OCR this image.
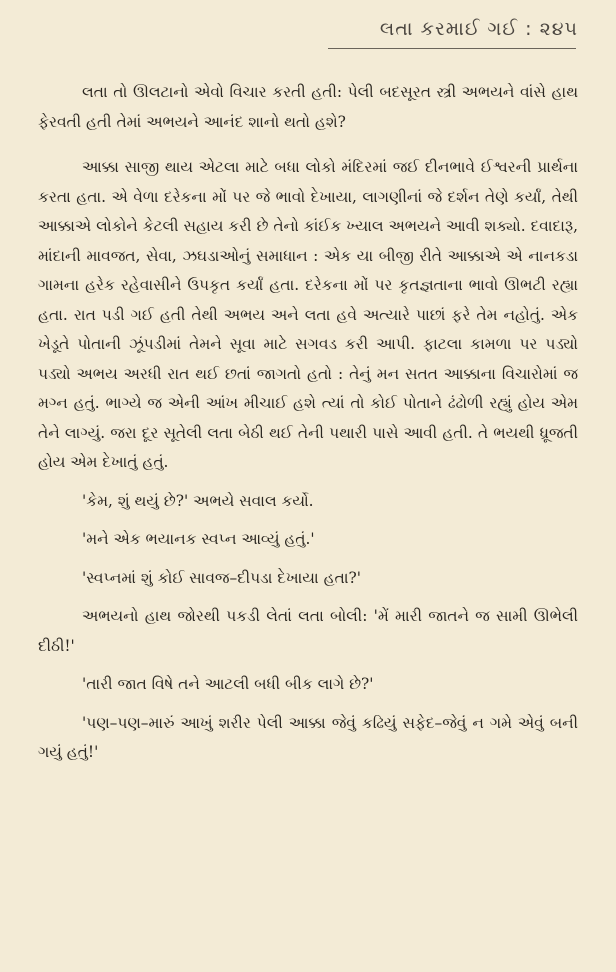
લતા કરમાઈ ગઈ : ૨૪૫

લતા તો ઊલટાનો એવો વિચાર કરતી હતી: પેલી બદસૂરત સ્ત્રી અભયને વાંસે હાથ ફેરવતી હતી તેમાં અભયને આનંદ શાનો થતો હશે?

આક્કા સાજી થાય એટલા માટે બધા લોકો મંદિરમાં જઈ દીનભાવે ઈશ્વરની પ્રાર્થના કરતા હતા. એ વેળા દરેકના મોં પર જે ભાવો દેખાયા, લાગણીનાં જે દર્શન તેણે કર્યાં, તેથી આક્કાએ લોકોને કેટલી સહાય કરી છે તેનો કાંઈક ખ્યાલ અભયને આવી શક્યો. દવાદારૂ, માંદાની માવજત, સેવા, ઝઘડાઓનું સમાધાન : એક યા બીજી રીતે આક્કાએ એ નાનકડા ગામના હરેક રહેવાસીને ઉપકૃત કર્યાં હતા. દરેકના મોં પર કૃતજ્ઞતાના ભાવો ઊભટી રહ્યા હતા. રાત પડી ગઈ હતી તેથી અભય અને લતા હવે અત્યારે પાછાં ફરે તેમ નહોતું. એક ખેડૂતે પોતાની ઝૂંપડીમાં તેમને સૂવા માટે સગવડ કરી આપી. ફાટલા કામળા પર પડ્યો પડ્યો અભય અરધી રાત થઈ છતાં જાગતો હતો : તેનું મન સતત આક્કાના વિચારોમાં જ મગ્ન હતું. ભાગ્યે જ એની આંખ મીચાઈ હશે ત્યાં તો કોઈ પોતાને ઢંઢોળી રહ્યું હોય એમ તેને લાગ્યું. જરા દૂર સૂતેલી લતા બેઠી થઈ તેની પથારી પાસે આવી હતી. તે ભયથી ધ્રૂજતી હોય એમ દેખાતું હતું.

'કેમ, શું થયું છે?' અભયે સવાલ કર્યો.

'મને એક ભયાનક સ્વપ્ન આવ્યું હતું.'

'સ્વપ્નમાં શું કોઈ સાવજ–દીપડા દેખાયા હતા?'

અભયનો હાથ જોરથી પકડી લેતાં લતા બોલી: 'મેં મારી જાતને જ સામી ઊભેલી દીઠી!'

'તારી જાત વિષે તને આટલી બધી બીક લાગે છે?'

'પણ–પણ–મારું આખું શરીર પેલી આક્કા જેવું કઢિયું સફેદ–જેવું ન ગમે એવું બની ગયું હતું!'
